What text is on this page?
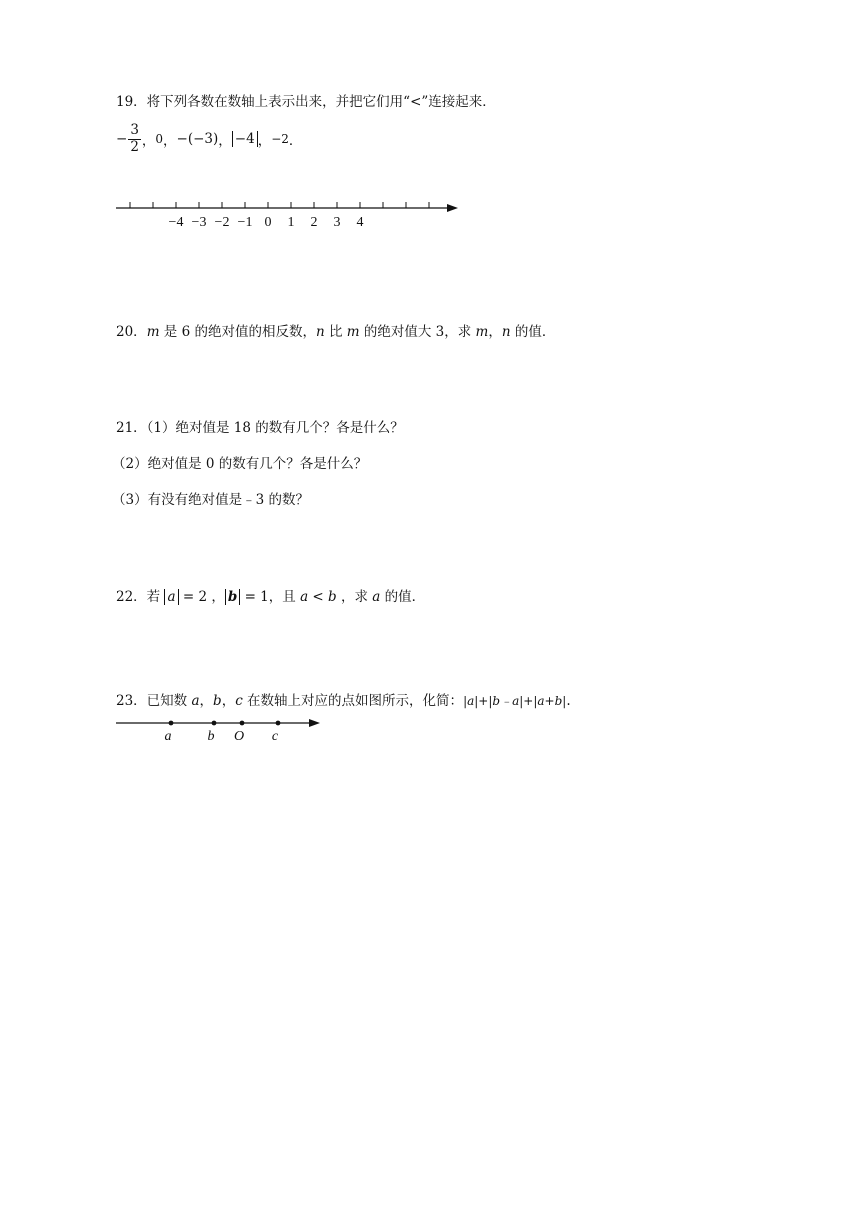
19．将下列各数在数轴上表示出来，并把它们用“<”连接起来．
− $\frac{3}{2}$ ， 0 ， −(−3) ， −4 ， −2 ．
−4 −3 −2 −1 0 1 2 3 4
20．m 是 6 的绝对值的相反数，n 比 m 的绝对值大 3，求 m，n 的值．
21．（1）绝对值是 18 的数有几个？各是什么？
（2）绝对值是 0 的数有几个？各是什么？
（3）有没有绝对值是﹣3 的数？
22．若 a = 2 ， b = 1，且 a < b ，求 a 的值．
23．已知数 a，b，c 在数轴上对应的点如图所示，化简：|a|+|b﹣a|+|a+b|.
a	b O c
